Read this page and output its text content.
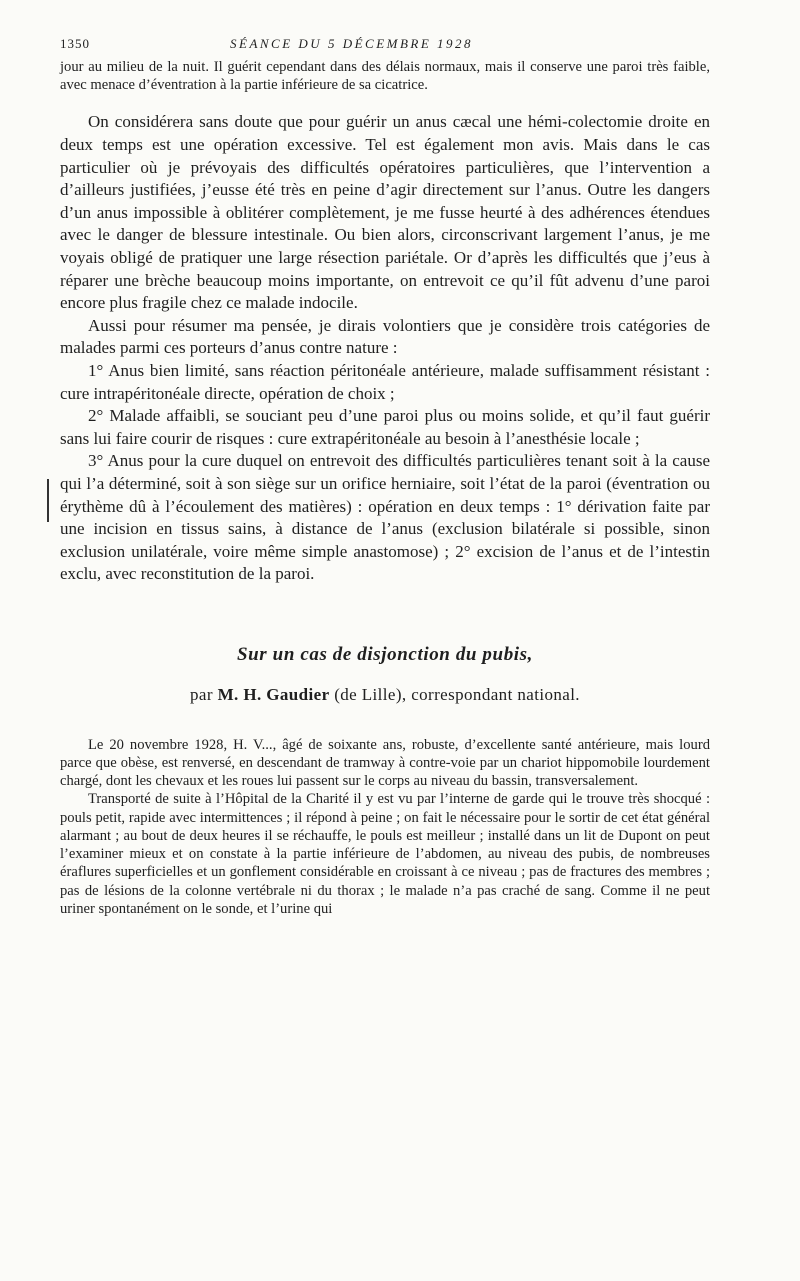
1350	SÉANCE DU 5 DÉCEMBRE 1928

jour au milieu de la nuit. Il guérit cependant dans des délais normaux, mais il conserve une paroi très faible, avec menace d’éventration à la partie inférieure de sa cicatrice.

On considérera sans doute que pour guérir un anus cæcal une hémi-colectomie droite en deux temps est une opération excessive. Tel est également mon avis. Mais dans le cas particulier où je prévoyais des difficultés opératoires particulières, que l’intervention a d’ailleurs justifiées, j’eusse été très en peine d’agir directement sur l’anus. Outre les dangers d’un anus impossible à oblitérer complètement, je me fusse heurté à des adhérences étendues avec le danger de blessure intestinale. Ou bien alors, circonscrivant largement l’anus, je me voyais obligé de pratiquer une large résection pariétale. Or d’après les difficultés que j’eus à réparer une brèche beaucoup moins importante, on entrevoit ce qu’il fût advenu d’une paroi encore plus fragile chez ce malade indocile.

Aussi pour résumer ma pensée, je dirais volontiers que je considère trois catégories de malades parmi ces porteurs d’anus contre nature :

1° Anus bien limité, sans réaction péritonéale antérieure, malade suffisamment résistant : cure intrapéritonéale directe, opération de choix ;

2° Malade affaibli, se souciant peu d’une paroi plus ou moins solide, et qu’il faut guérir sans lui faire courir de risques : cure extrapéritonéale au besoin à l’anesthésie locale ;

3° Anus pour la cure duquel on entrevoit des difficultés particulières tenant soit à la cause qui l’a déterminé, soit à son siège sur un orifice herniaire, soit l’état de la paroi (éventration ou érythème dû à l’écoulement des matières) : opération en deux temps : 1° dérivation faite par une incision en tissus sains, à distance de l’anus (exclusion bilatérale si possible, sinon exclusion unilatérale, voire même simple anastomose) ; 2° excision de l’anus et de l’intestin exclu, avec reconstitution de la paroi.

Sur un cas de disjonction du pubis,
par M. H. Gaudier (de Lille), correspondant national.

Le 20 novembre 1928, H. V..., âgé de soixante ans, robuste, d’excellente santé antérieure, mais lourd parce que obèse, est renversé, en descendant de tramway à contre-voie par un chariot hippomobile lourdement chargé, dont les chevaux et les roues lui passent sur le corps au niveau du bassin, transversalement.

Transporté de suite à l’Hôpital de la Charité il y est vu par l’interne de garde qui le trouve très shocqué : pouls petit, rapide avec intermittences ; il répond à peine ; on fait le nécessaire pour le sortir de cet état général alarmant ; au bout de deux heures il se réchauffe, le pouls est meilleur ; installé dans un lit de Dupont on peut l’examiner mieux et on constate à la partie inférieure de l’abdomen, au niveau des pubis, de nombreuses éraflures superficielles et un gonflement considérable en croissant à ce niveau ; pas de fractures des membres ; pas de lésions de la colonne vertébrale ni du thorax ; le malade n’a pas craché de sang. Comme il ne peut uriner spontanément on le sonde, et l’urine qui
